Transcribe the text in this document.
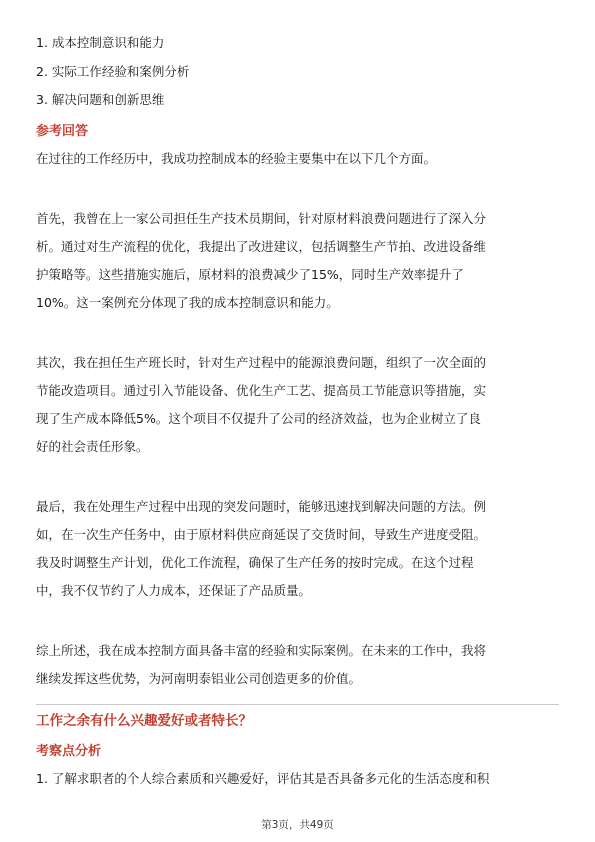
1. 成本控制意识和能力
2. 实际工作经验和案例分析
3. 解决问题和创新思维
参考回答
在过往的工作经历中，我成功控制成本的经验主要集中在以下几个方面。
首先，我曾在上一家公司担任生产技术员期间，针对原材料浪费问题进行了深入分
析。通过对生产流程的优化，我提出了改进建议，包括调整生产节拍、改进设备维
护策略等。这些措施实施后，原材料的浪费减少了15%，同时生产效率提升了
10%。这一案例充分体现了我的成本控制意识和能力。
其次，我在担任生产班长时，针对生产过程中的能源浪费问题，组织了一次全面的
节能改造项目。通过引入节能设备、优化生产工艺、提高员工节能意识等措施，实
现了生产成本降低5%。这个项目不仅提升了公司的经济效益，也为企业树立了良
好的社会责任形象。
最后，我在处理生产过程中出现的突发问题时，能够迅速找到解决问题的方法。例
如，在一次生产任务中，由于原材料供应商延误了交货时间，导致生产进度受阻。
我及时调整生产计划，优化工作流程，确保了生产任务的按时完成。在这个过程
中，我不仅节约了人力成本，还保证了产品质量。
综上所述，我在成本控制方面具备丰富的经验和实际案例。在未来的工作中，我将
继续发挥这些优势，为河南明泰铝业公司创造更多的价值。
工作之余有什么兴趣爱好或者特长？
考察点分析
1. 了解求职者的个人综合素质和兴趣爱好，评估其是否具备多元化的生活态度和积
第3页，共49页
